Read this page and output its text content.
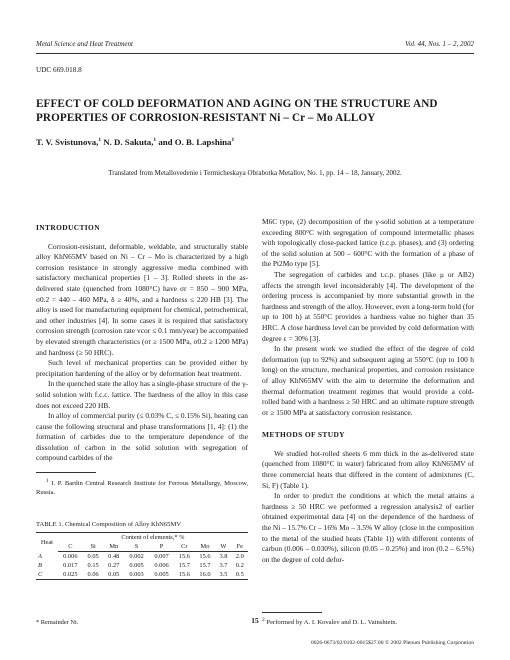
Metal Science and Heat Treatment	Vol. 44, Nos. 1 – 2, 2002
UDC 669.018.8
EFFECT OF COLD DEFORMATION AND AGING ON THE STRUCTURE AND PROPERTIES OF CORROSION-RESISTANT Ni – Cr – Mo ALLOY
T. V. Svistunova,$^1$ N. D. Sakuta,$^1$ and O. B. Lapshina$^1$
Translated from Metallovedenie i Termicheskaya Obrabotka Metallov, No. 1, pp. 14 – 18, January, 2002.
INTRODUCTION

Corrosion-resistant, deformable, weldable, and structurally stable alloy KhN65MV based on Ni – Cr – Mo is characterized by a high corrosion resistance in strongly aggressive media combined with satisfactory mechanical properties [1 – 3]. Rolled sheets in the as-delivered state (quenched from 1080°C) have σr = 850 – 900 MPa, σ0.2 = 440 – 460 MPa, δ ≥ 40%, and a hardness ≤ 220 HB [3]. The alloy is used for manufacturing equipment for chemical, petrochemical, and other industries [4]. In some cases it is required that satisfactory corrosion strength (corrosion rate vcor ≤ 0.1 mm/year) be accompanied by elevated strength characteristics (σr ≥ 1500 MPa, σ0.2 ≥ 1200 MPa) and hardness (≥ 50 HRC).

Such level of mechanical properties can be provided either by precipitation hardening of the alloy or by deformation heat treatment.

In the quenched state the alloy has a single-phase structure of the γ-solid solution with f.c.c. lattice. The hardness of the alloy in this case does not exceed 220 HB.

In alloy of commercial purity (≤ 0.03% C, ≤ 0.15% Si), heating can cause the following structural and phase transformations [1, 4]: (1) the formation of carbides due to the temperature dependence of the dissolution of carbon in the solid solution with segregation of compound carbides of the

$^1$ I. P. Bardin Central Research Institute for Ferrous Metallurgy, Moscow, Russia.
TABLE 1. Chemical Composition of Alloy KhN65MV
Heat	Content of elements,* %								
	C	Si	Mn	S	P	Cr	Mo	W	Fe
A	0.006	0.05	0.48	0.002	0.007	15.6	15.6	3.8	2.0
B	0.017	0.15	0.27	0.005	0.006	15.7	15.7	3.7	0.2
C	0.025	0.06	0.05	0.003	0.005	15.6	16.0	3.5	0.5
* Remainder Ni.

M6C type, (2) decomposition of the γ-solid solution at a temperature exceeding 800°C with segregation of compound intermetallic phases with topologically close-packed lattice (t.c.p. phases), and (3) ordering of the solid solution at 500 – 600°C with the formation of a phase of the Pt2Mo type [5].

The segregation of carbides and t.c.p. phases (like μ or AB2) affects the strength level inconsiderably [4]. The development of the ordering process is accompanied by more substantial growth in the hardness and strength of the alloy. However, even a long-term hold (for up to 100 h) at 550°C provides a hardness value no higher than 35 HRC. A close hardness level can be provided by cold deformation with degree ε = 30% [3].

In the present work we studied the effect of the degree of cold deformation (up to 92%) and subsequent aging at 550°C (up to 100 h long) on the structure, mechanical properties, and corrosion resistance of alloy KhN65MV with the aim to determine the deformation and thermal deformation treatment regimes that would provide a cold-rolled band with a hardness ≥ 50 HRC and an ultimate rupture strength σr ≥ 1500 MPa at satisfactory corrosion resistance.

METHODS OF STUDY

We studied hot-rolled sheets 6 mm thick in the as-delivered state (quenched from 1080°C in water) fabricated from alloy KhN65MV of three commercial heats that differed in the content of admixtures (C, Si, F) (Table 1).

In order to predict the conditions at which the metal attains a hardness ≥ 50 HRC we performed a regression analysis2 of earlier obtained experimental data [4] on the dependence of the hardness of the Ni – 15.7% Cr – 16% Mo – 3.5% W alloy (close in the composition to the metal of the studied heats (Table 1)) with different contents of carbon (0.006 – 0.030%), silicon (0.05 – 0.25%) and iron (0.2 – 6.5%) on the degree of cold defor-

$^2$ Performed by A. I. Kovalev and D. L. Vainshtein.
15
0026-0673/02/0102-0015$27.00 © 2002 Plenum Publishing Corporation
